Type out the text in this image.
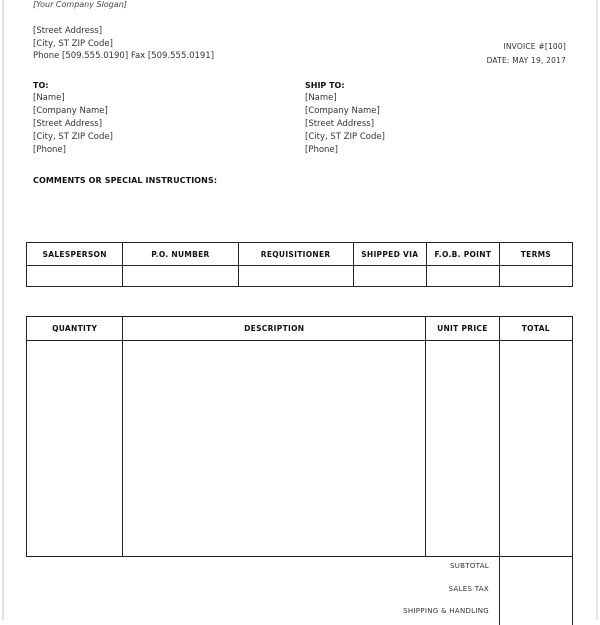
[Your Company Slogan]
[Street Address]
[City, ST ZIP Code]
Phone [509.555.0190] Fax [509.555.0191]
INVOICE #[100]
DATE: MAY 19, 2017
TO:
[Name]
[Company Name]
[Street Address]
[City, ST ZIP Code]
[Phone]
SHIP TO:
[Name]
[Company Name]
[Street Address]
[City, ST ZIP Code]
[Phone]
COMMENTS OR SPECIAL INSTRUCTIONS:
SALESPERSON	P.O. NUMBER	REQUISITIONER	SHIPPED VIA	F.O.B. POINT	TERMS

QUANTITY	DESCRIPTION	UNIT PRICE	TOTAL

SUBTOTAL
SALES TAX
SHIPPING & HANDLING
